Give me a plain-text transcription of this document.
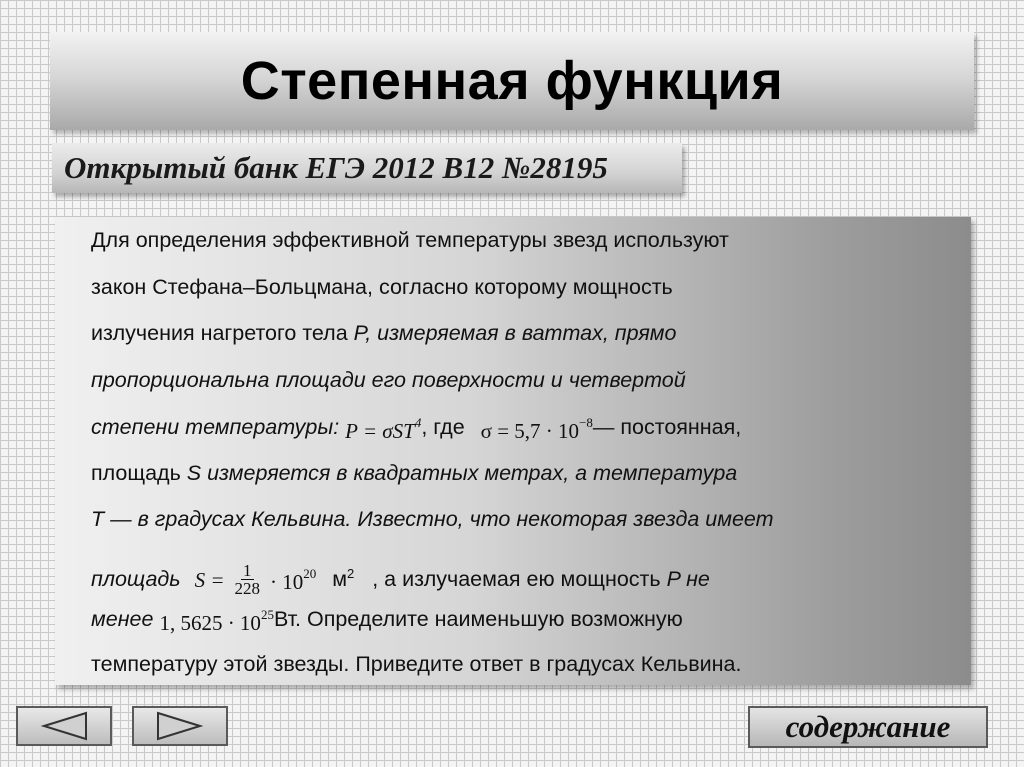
Степенная функция
Открытый банк ЕГЭ 2012 В12 №28195
Для определения эффективной температуры звезд используют
закон Стефана–Больцмана, согласно которому мощность
излучения нагретого тела P, измеряемая в ваттах, прямо
пропорциональна площади его поверхности и четвертой
степени температуры: P = σST$^4$, где $\sigma = 5,7 \cdot 10^{-8}—$ постоянная,
площадь S измеряется в квадратных метрах, а температура
T — в градусах Кельвина. Известно, что некоторая звезда имеет
площадь $S = \frac{1}{228} \cdot 10^{20}$ $м^2$ , а излучаемая ею мощность P не
менее 1, $5625 \cdot 10^{25}Вт$. Определите наименьшую возможную
температуру этой звезды. Приведите ответ в градусах Кельвина.
содержание
